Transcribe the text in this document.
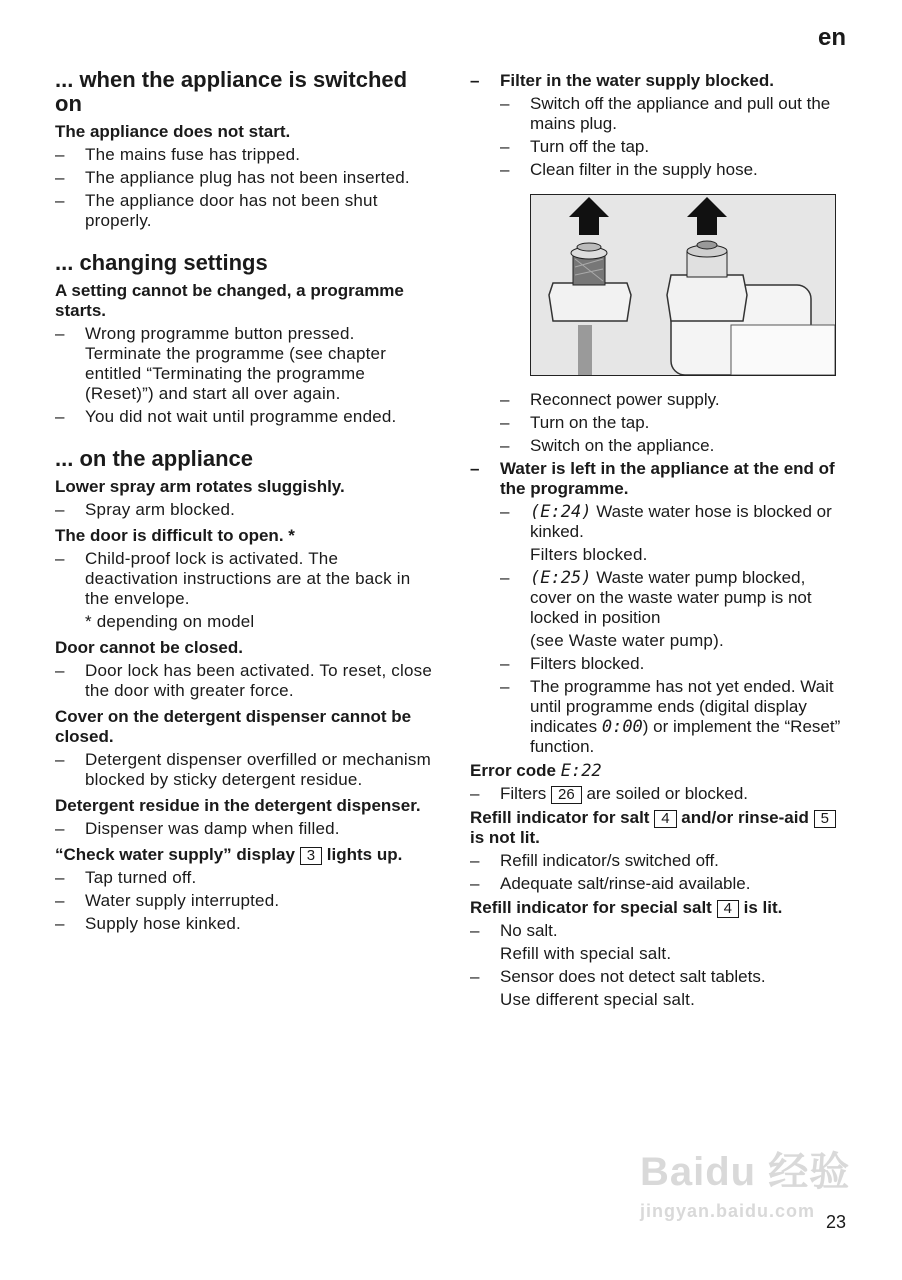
en
... when the appliance is switched on
The appliance does not start.
– The mains fuse has tripped.
– The appliance plug has not been inserted.
– The appliance door has not been shut properly.
... changing settings
A setting cannot be changed, a programme starts.
– Wrong programme button pressed. Terminate the programme (see chapter entitled “Terminating the programme (Reset)”) and start all over again.
– You did not wait until programme ended.
... on the appliance
Lower spray arm rotates sluggishly.
– Spray arm blocked.
The door is difficult to open. *
– Child-proof lock is activated. The deactivation instructions are at the back in the envelope.
* depending on model
Door cannot be closed.
– Door lock has been activated. To reset, close the door with greater force.
Cover on the detergent dispenser cannot be closed.
– Detergent dispenser overfilled or mechanism blocked by sticky detergent residue.
Detergent residue in the detergent dispenser.
– Dispenser was damp when filled.
“Check water supply” display 3 lights up.
– Tap turned off.
– Water supply interrupted.
– Supply hose kinked.
– Filter in the water supply blocked.
– Switch off the appliance and pull out the mains plug.
– Turn off the tap.
– Clean filter in the supply hose.
– Reconnect power supply.
– Turn on the tap.
– Switch on the appliance.
– Water is left in the appliance at the end of the programme.
– (E:24) Waste water hose is blocked or kinked.
Filters blocked.
– (E:25) Waste water pump blocked, cover on the waste water pump is not locked in position
(see Waste water pump).
– Filters blocked.
– The programme has not yet ended. Wait until programme ends (digital display indicates 0:00) or implement the “Reset” function.
Error code E:22
– Filters 26 are soiled or blocked.
Refill indicator for salt 4 and/or rinse-aid 5 is not lit.
– Refill indicator/s switched off.
– Adequate salt/rinse-aid available.
Refill indicator for special salt 4 is lit.
– No salt.
Refill with special salt.
– Sensor does not detect salt tablets.
Use different special salt.
Baidu 经验
jingyan.baidu.com
23
